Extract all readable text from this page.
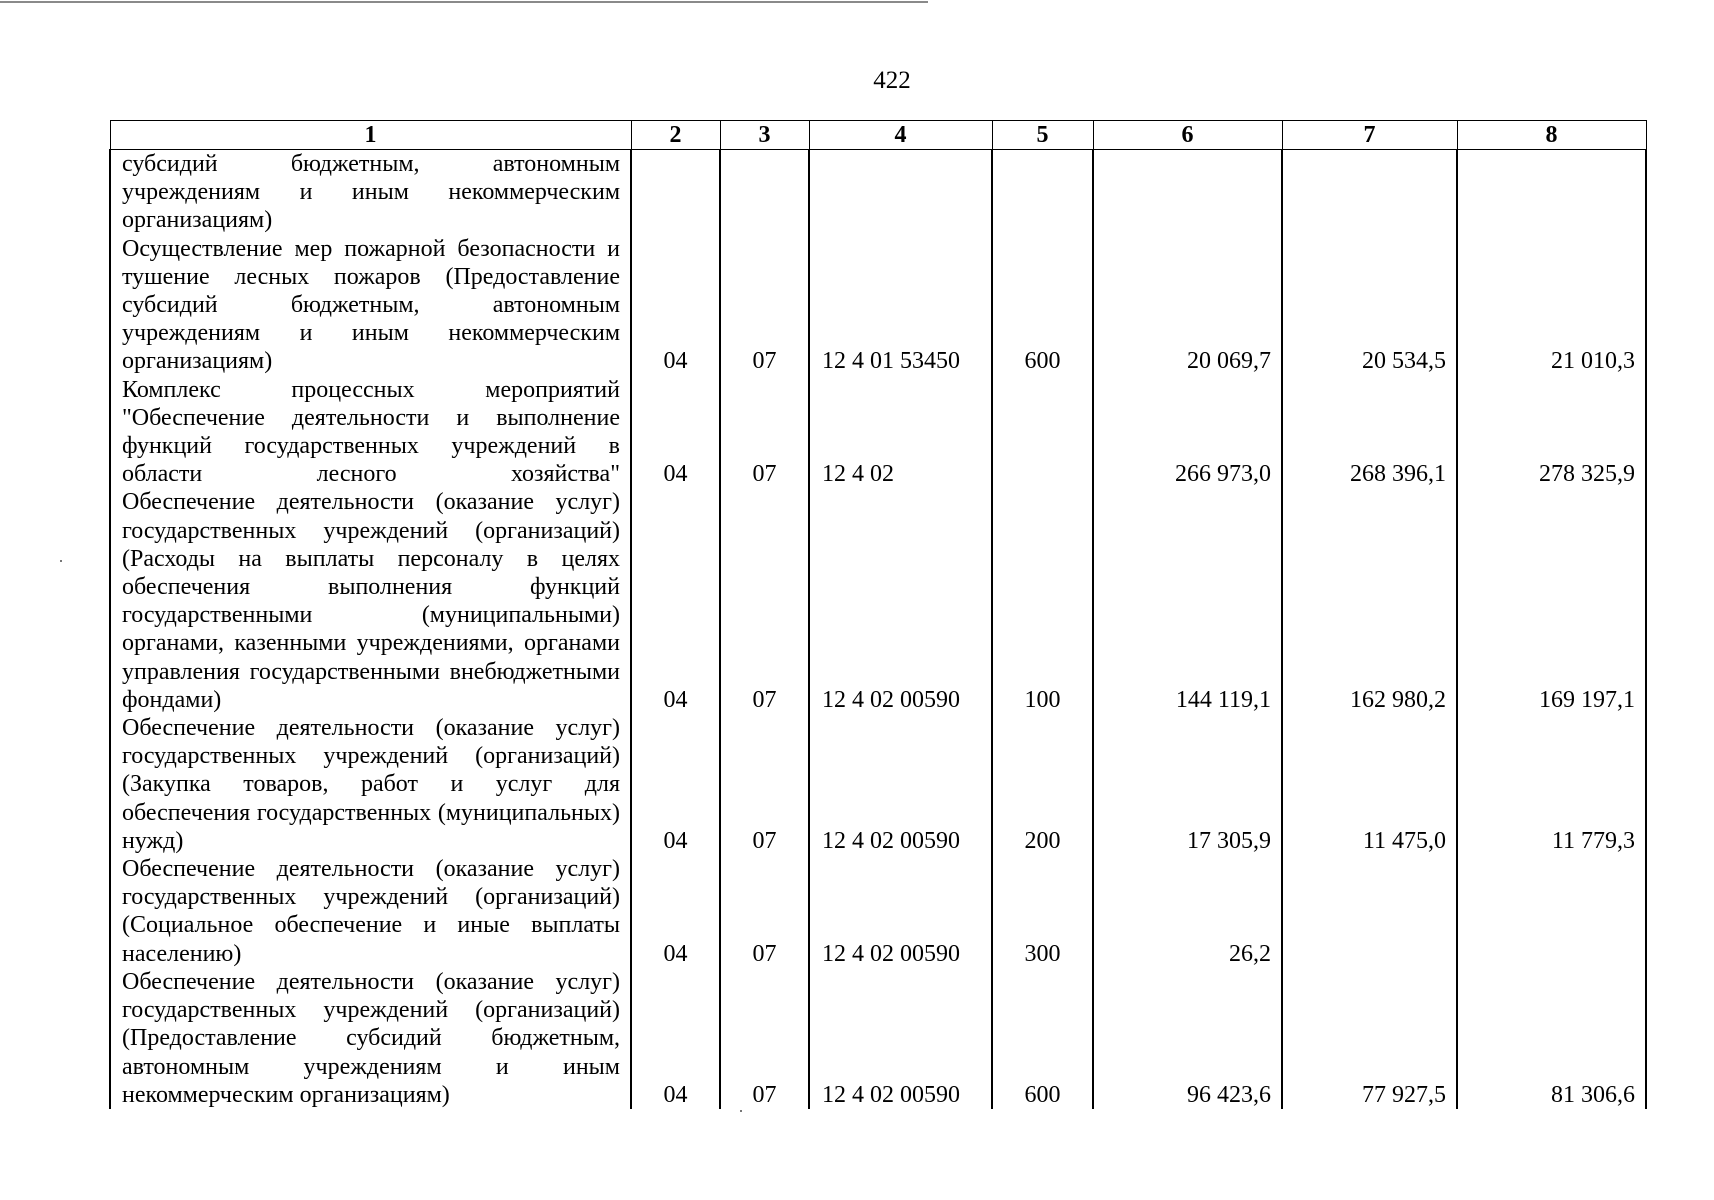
422
1	2	3	4	5	6	7	8
субсидий бюджетным, автономным учреждениям и иным некоммерческим организациям)							
Осуществление мер пожарной безопасности и тушение лесных пожаров (Предоставление субсидий бюджетным, автономным учреждениям и иным некоммерческим организациям)	04	07	12 4 01 53450	600	20 069,7	20 534,5	21 010,3
Комплекс процессных мероприятий "Обеспечение деятельности и выполнение функций государственных учреждений в области лесного хозяйства"	04	07	12 4 02		266 973,0	268 396,1	278 325,9
Обеспечение деятельности (оказание услуг) государственных учреждений (организаций) (Расходы на выплаты персоналу в целях обеспечения выполнения функций государственными (муниципальными) органами, казенными учреждениями, органами управления государственными внебюджетными фондами)	04	07	12 4 02 00590	100	144 119,1	162 980,2	169 197,1
Обеспечение деятельности (оказание услуг) государственных учреждений (организаций) (Закупка товаров, работ и услуг для обеспечения государственных (муниципальных) нужд)	04	07	12 4 02 00590	200	17 305,9	11 475,0	11 779,3
Обеспечение деятельности (оказание услуг) государственных учреждений (организаций) (Социальное обеспечение и иные выплаты населению)	04	07	12 4 02 00590	300	26,2		
Обеспечение деятельности (оказание услуг) государственных учреждений (организаций) (Предоставление субсидий бюджетным, автономным учреждениям и иным некоммерческим организациям)	04	07	12 4 02 00590	600	96 423,6	77 927,5	81 306,6
